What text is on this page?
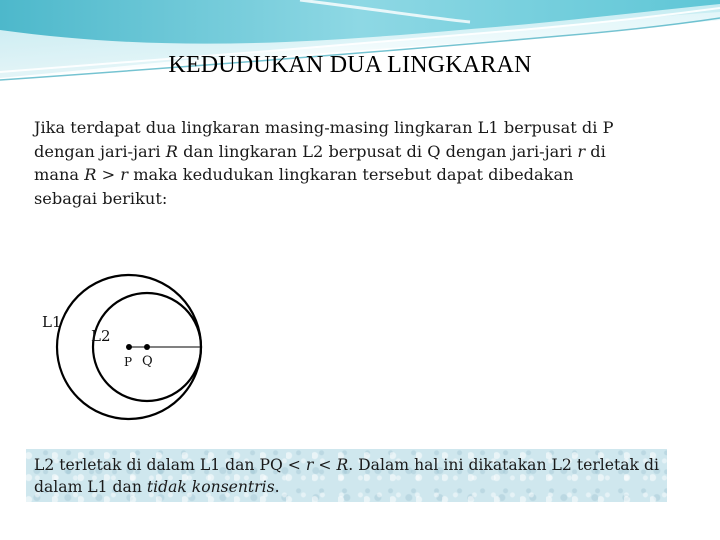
KEDUDUKAN DUA LINGKARAN
Jika terdapat dua lingkaran masing-masing lingkaran L1 berpusat di P
dengan jari-jari R dan lingkaran L2 berpusat di Q dengan jari-jari r di
mana R > r maka kedudukan lingkaran tersebut dapat dibedakan
sebagai berikut:
L1
L2
P Q
L2 terletak di dalam L1 dan PQ < r < R. Dalam hal ini dikatakan L2 terletak di dalam L1 dan tidak konsentris.
